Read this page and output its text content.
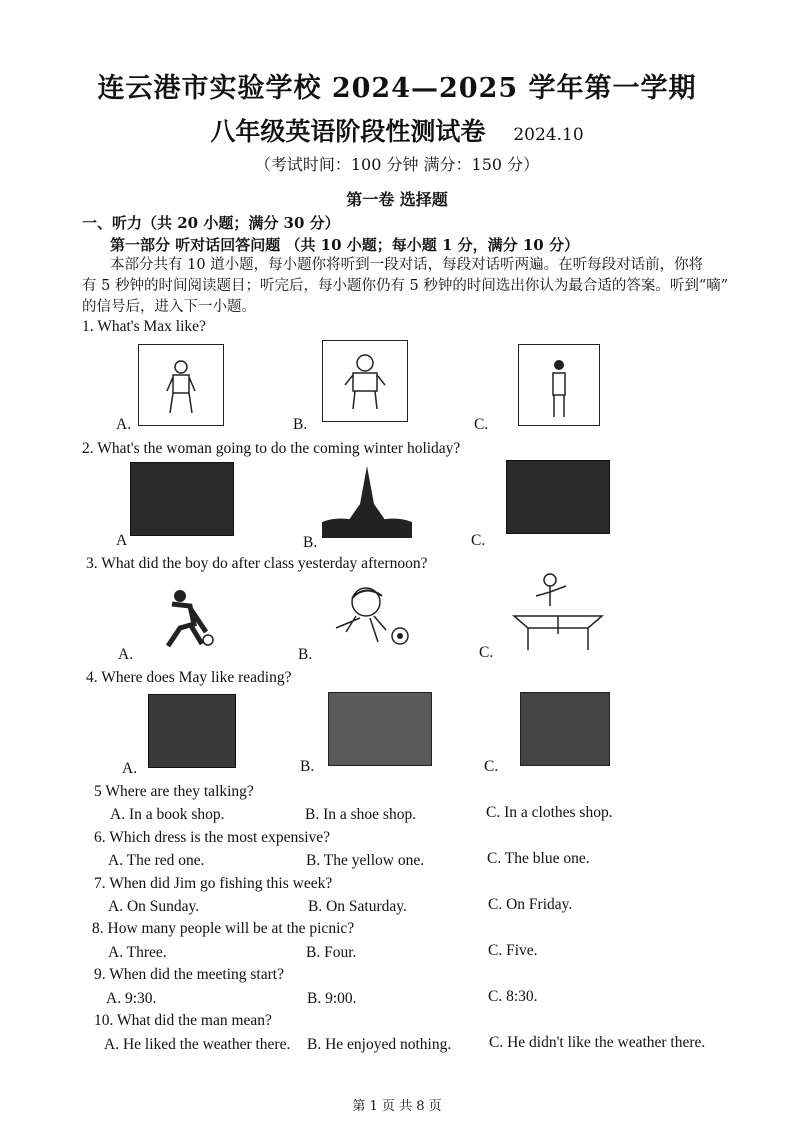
连云港市实验学校 2024—2025 学年第一学期
八年级英语阶段性测试卷 2024.10
（考试时间：100 分钟 满分：150 分）
第一卷 选择题
一、听力（共 20 小题；满分 30 分）
第一部分 听对话回答问题 （共 10 小题；每小题 1 分，满分 10 分）
本部分共有 10 道小题，每小题你将听到一段对话，每段对话听两遍。在听每段对话前，你将
有 5 秒钟的时间阅读题目；听完后，每小题你仍有 5 秒钟的时间选出你认为最合适的答案。听到“嘀”
的信号后，进入下一小题。
1. What's Max like?
A.	B.	C.
2. What's the woman going to do the coming winter holiday?
A	B.	C.
3. What did the boy do after class yesterday afternoon?
A.	B.	C.
4. Where does May like reading?
A.	B.	C.
5 Where are they talking?
A. In a book shop.	B. In a shoe shop.	C. In a clothes shop.
6. Which dress is the most expensive?
A. The red one.	B. The yellow one.	C. The blue one.
7. When did Jim go fishing this week?
A. On Sunday.	B. On Saturday.	C. On Friday.
8. How many people will be at the picnic?
A. Three.	B. Four.	C. Five.
9. When did the meeting start?
A. 9:30.	B. 9:00.	C. 8:30.
10. What did the man mean?
A. He liked the weather there. B. He enjoyed nothing. C. He didn't like the weather there.
第 1 页 共 8 页
